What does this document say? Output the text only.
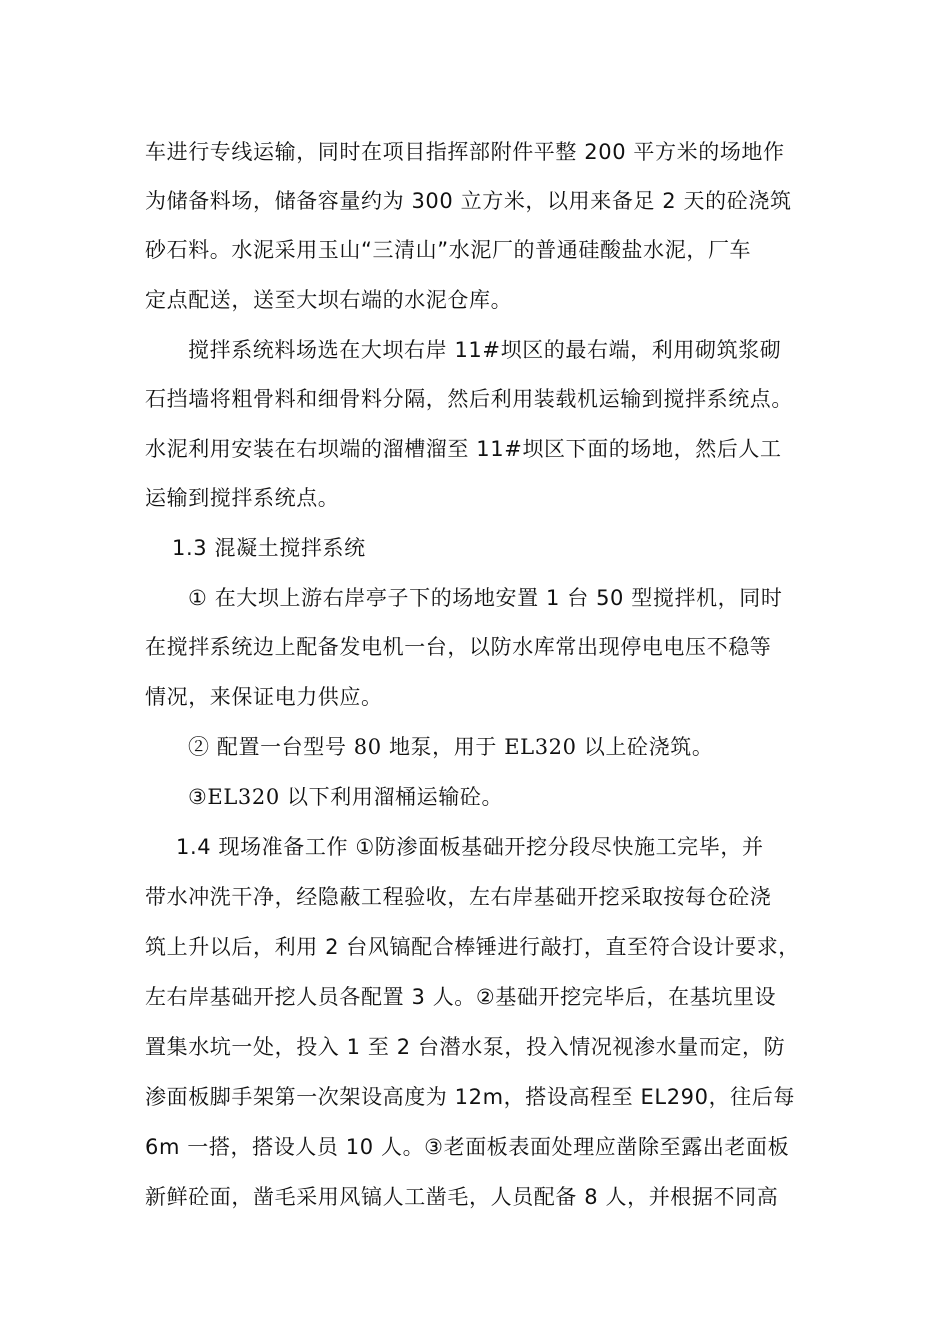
车进行专线运输，同时在项目指挥部附件平整 200 平方米的场地作
为储备料场，储备容量约为 300 立方米，以用来备足 2 天的砼浇筑
砂石料。水泥采用玉山“三清山”水泥厂的普通硅酸盐水泥，厂车
定点配送，送至大坝右端的水泥仓库。
搅拌系统料场选在大坝右岸 11#坝区的最右端，利用砌筑浆砌
石挡墙将粗骨料和细骨料分隔，然后利用装载机运输到搅拌系统点。
水泥利用安装在右坝端的溜槽溜至 11#坝区下面的场地，然后人工
运输到搅拌系统点。
1.3 混凝土搅拌系统
① 在大坝上游右岸亭子下的场地安置 1 台 50 型搅拌机，同时
在搅拌系统边上配备发电机一台，以防水库常出现停电电压不稳等
情况，来保证电力供应。
② 配置一台型号 80 地泵，用于 EL320 以上砼浇筑。
③EL320 以下利用溜桶运输砼。
1.4 现场准备工作 ①防渗面板基础开挖分段尽快施工完毕，并
带水冲洗干净，经隐蔽工程验收，左右岸基础开挖采取按每仓砼浇
筑上升以后，利用 2 台风镐配合棒锤进行敲打，直至符合设计要求，
左右岸基础开挖人员各配置 3 人。②基础开挖完毕后，在基坑里设
置集水坑一处，投入 1 至 2 台潜水泵，投入情况视渗水量而定，防
渗面板脚手架第一次架设高度为 12m，搭设高程至 EL290，往后每
6m 一搭，搭设人员 10 人。③老面板表面处理应凿除至露出老面板
新鲜砼面，凿毛采用风镐人工凿毛，人员配备 8 人，并根据不同高
